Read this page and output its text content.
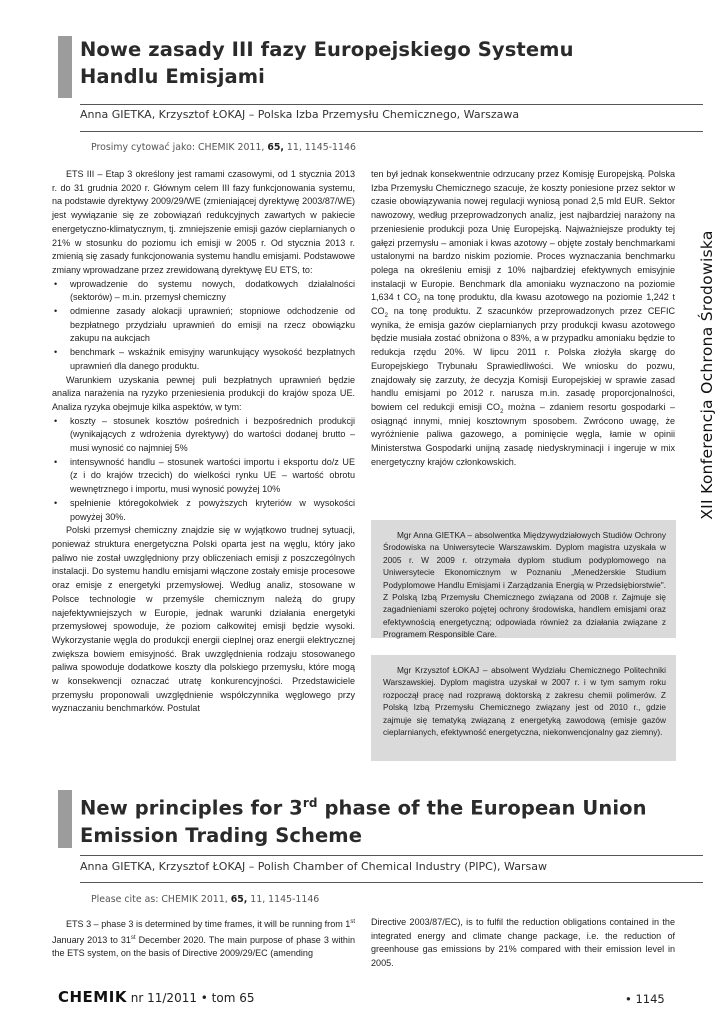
XII Konferencja Ochrona Środowiska
Nowe zasady III fazy Europejskiego Systemu
Handlu Emisjami
Anna GIETKA, Krzysztof ŁOKAJ – Polska Izba Przemysłu Chemicznego, Warszawa
Prosimy cytować jako: CHEMIK 2011, 65, 11, 1145-1146

ETS III – Etap 3 określony jest ramami czasowymi, od 1 stycznia 2013 r. do 31 grudnia 2020 r. Głównym celem III fazy funkcjonowania systemu, na podstawie dyrektywy 2009/29/WE (zmieniającej dyrektywę 2003/87/WE) jest wywiązanie się ze zobowiązań redukcyjnych zawartych w pakiecie energetyczno-klimatycznym, tj. zmniejszenie emisji gazów cieplarnianych o 21% w stosunku do poziomu ich emisji w 2005 r. Od stycznia 2013 r. zmienią się zasady funkcjonowania systemu handlu emisjami. Podstawowe zmiany wprowadzane przez zrewidowaną dyrektywę EU ETS, to:

• wprowadzenie do systemu nowych, dodatkowych działalności (sektorów) – m.in. przemysł chemiczny
• odmienne zasady alokacji uprawnień; stopniowe odchodzenie od bezpłatnego przydziału uprawnień do emisji na rzecz obowiązku zakupu na aukcjach
• benchmark – wskaźnik emisyjny warunkujący wysokość bezpłatnych uprawnień dla danego produktu.

Warunkiem uzyskania pewnej puli bezpłatnych uprawnień będzie analiza narażenia na ryzyko przeniesienia produkcji do krajów spoza UE. Analiza ryzyka obejmuje kilka aspektów, w tym:

• koszty – stosunek kosztów pośrednich i bezpośrednich produkcji (wynikających z wdrożenia dyrektywy) do wartości dodanej brutto – musi wynosić co najmniej 5%
• intensywność handlu – stosunek wartości importu i eksportu do/z UE (z i do krajów trzecich) do wielkości rynku UE – wartość obrotu wewnętrznego i importu, musi wynosić powyżej 10%
• spełnienie któregokolwiek z powyższych kryteriów w wysokości powyżej 30%.

Polski przemysł chemiczny znajdzie się w wyjątkowo trudnej sytuacji, ponieważ struktura energetyczna Polski oparta jest na węglu, który jako paliwo nie został uwzględniony przy obliczeniach emisji z poszczególnych instalacji. Do systemu handlu emisjami włączone zostały emisje procesowe oraz emisje z energetyki przemysłowej. Według analiz, stosowane w Polsce technologie w przemyśle chemicznym należą do grupy najefektywniejszych w Europie, jednak warunki działania energetyki przemysłowej spowoduje, że poziom całkowitej emisji będzie wysoki. Wykorzystanie węgla do produkcji energii cieplnej oraz energii elektrycznej zwiększa bowiem emisyjność. Brak uwzględnienia rodzaju stosowanego paliwa spowoduje dodatkowe koszty dla polskiego przemysłu, które mogą w konsekwencji oznaczać utratę konkurencyjności. Przedstawiciele przemysłu proponowali uwzględnienie współczynnika węglowego przy wyznaczaniu benchmarków. Postulat

ten był jednak konsekwentnie odrzucany przez Komisję Europejską. Polska Izba Przemysłu Chemicznego szacuje, że koszty poniesione przez sektor w czasie obowiązywania nowej regulacji wyniosą ponad 2,5 mld EUR. Sektor nawozowy, według przeprowadzonych analiz, jest najbardziej narażony na przeniesienie produkcji poza Unię Europejską. Najważniejsze produkty tej gałęzi przemysłu – amoniak i kwas azotowy – objęte zostały benchmarkami ustalonymi na bardzo niskim poziomie. Proces wyznaczania benchmarku polega na określeniu emisji z 10% najbardziej efektywnych emisyjnie instalacji w Europie. Benchmark dla amoniaku wyznaczono na poziomie 1,634 t $CO_2$ na tonę produktu, dla kwasu azotowego na poziomie 1,242 t $CO_2$ na tonę produktu. Z szacunków przeprowadzonych przez CEFIC wynika, że emisja gazów cieplarnianych przy produkcji kwasu azotowego będzie musiała zostać obniżona o 83%, a w przypadku amoniaku będzie to redukcja rzędu 20%. W lipcu 2011 r. Polska złożyła skargę do Europejskiego Trybunału Sprawiedliwości. We wniosku do pozwu, znajdowały się zarzuty, że decyzja Komisji Europejskiej w sprawie zasad handlu emisjami po 2012 r. narusza m.in. zasadę proporcjonalności, bowiem cel redukcji emisji $CO_2$ można – zdaniem resortu gospodarki – osiągnąć innymi, mniej kosztownym sposobem. Zwrócono uwagę, że wyróżnienie paliwa gazowego, a pominięcie węgla, łamie w opinii Ministerstwa Gospodarki unijną zasadę niedyskryminacji i ingeruje w mix energetyczny krajów członkowskich.

Mgr Anna GIETKA – absolwentka Międzywydziałowych Studiów Ochrony Środowiska na Uniwersytecie Warszawskim. Dyplom magistra uzyskała w 2005 r. W 2009 r. otrzymała dyplom studium podyplomowego na Uniwersytecie Ekonomicznym w Poznaniu „Menedżerskie Studium Podyplomowe Handlu Emisjami i Zarządzania Energią w Przedsiębiorstwie". Z Polską Izbą Przemysłu Chemicznego związana od 2008 r. Zajmuje się zagadnieniami szeroko pojętej ochrony środowiska, handlem emisjami oraz efektywnością energetyczną; odpowiada również za działania związane z Programem Responsible Care.

Mgr Krzysztof ŁOKAJ – absolwent Wydziału Chemicznego Politechniki Warszawskiej. Dyplom magistra uzyskał w 2007 r. i w tym samym roku rozpoczął pracę nad rozprawą doktorską z zakresu chemii polimerów. Z Polską Izbą Przemysłu Chemicznego związany jest od 2010 r., gdzie zajmuje się tematyką związaną z energetyką zawodową (emisje gazów cieplarnianych, efektywność energetyczna, niekonwencjonalny gaz ziemny).

New principles for 3rd phase of the European Union
Emission Trading Scheme
Anna GIETKA, Krzysztof ŁOKAJ – Polish Chamber of Chemical Industry (PIPC), Warsaw
Please cite as: CHEMIK 2011, 65, 11, 1145-1146

ETS 3 – phase 3 is determined by time frames, it will be running from 1st January 2013 to 31st December 2020. The main purpose of phase 3 within the ETS system, on the basis of Directive 2009/29/EC (amending

Directive 2003/87/EC), is to fulfil the reduction obligations contained in the integrated energy and climate change package, i.e. the reduction of greenhouse gas emissions by 21% compared with their emission level in 2005.

CHEMIK nr 11/2011 • tom 65	• 1145
